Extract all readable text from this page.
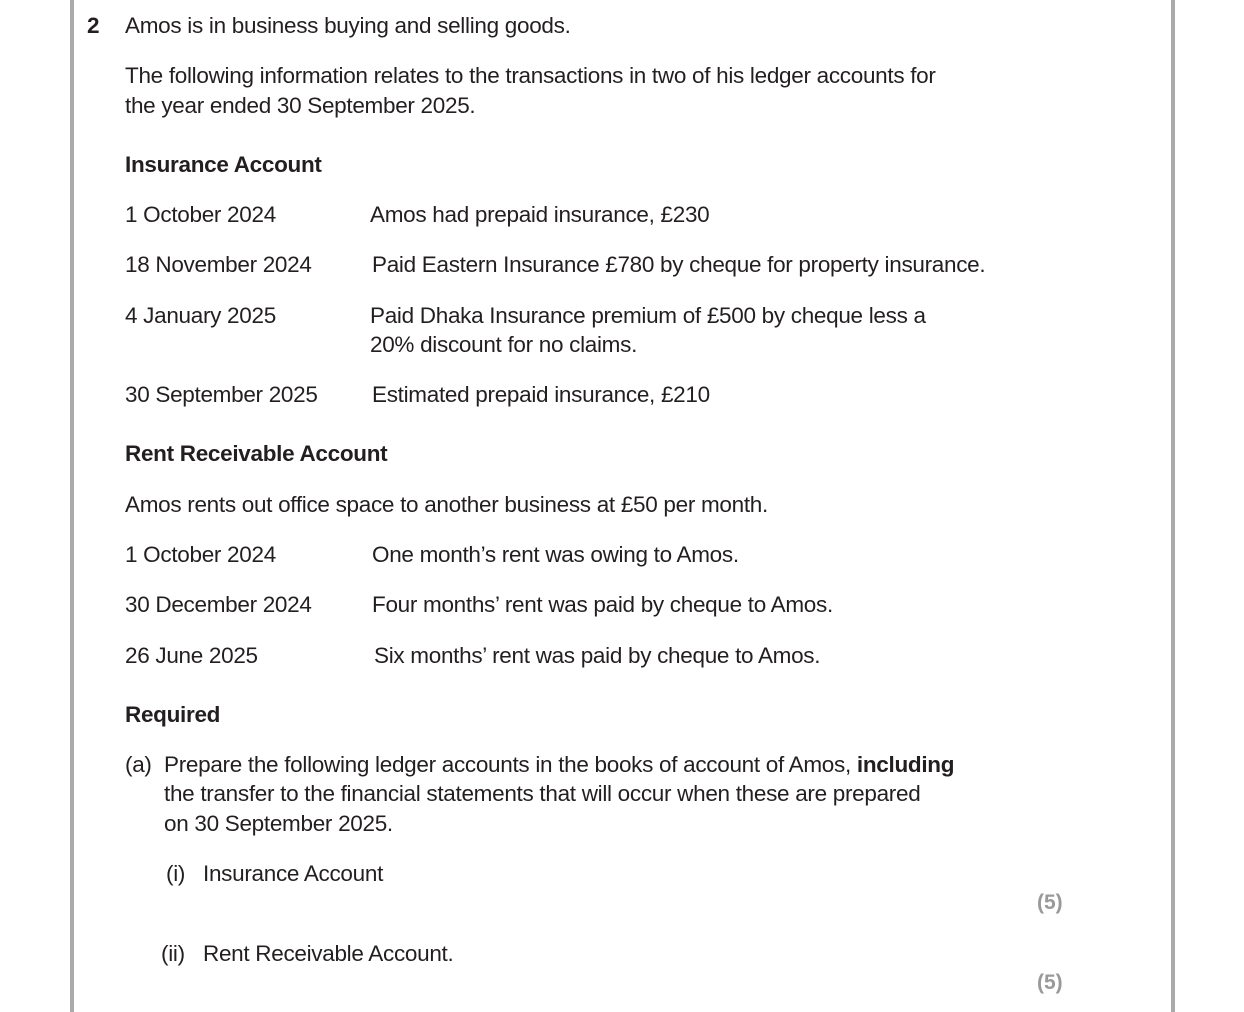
2 Amos is in business buying and selling goods.
The following information relates to the transactions in two of his ledger accounts for
the year ended 30 September 2025.
Insurance Account
1 October 2024	Amos had prepaid insurance, £230
18 November 2024	Paid Eastern Insurance £780 by cheque for property insurance.
4 January 2025	Paid Dhaka Insurance premium of £500 by cheque less a
20% discount for no claims.
30 September 2025 Estimated prepaid insurance, £210
Rent Receivable Account
Amos rents out office space to another business at £50 per month.
1 October 2024	One month’s rent was owing to Amos.
30 December 2024	Four months’ rent was paid by cheque to Amos.
26 June 2025	Six months’ rent was paid by cheque to Amos.
Required
(a) Prepare the following ledger accounts in the books of account of Amos, including
the transfer to the financial statements that will occur when these are prepared
on 30 September 2025.
(i) Insurance Account
(5)
(ii) Rent Receivable Account.
(5)
